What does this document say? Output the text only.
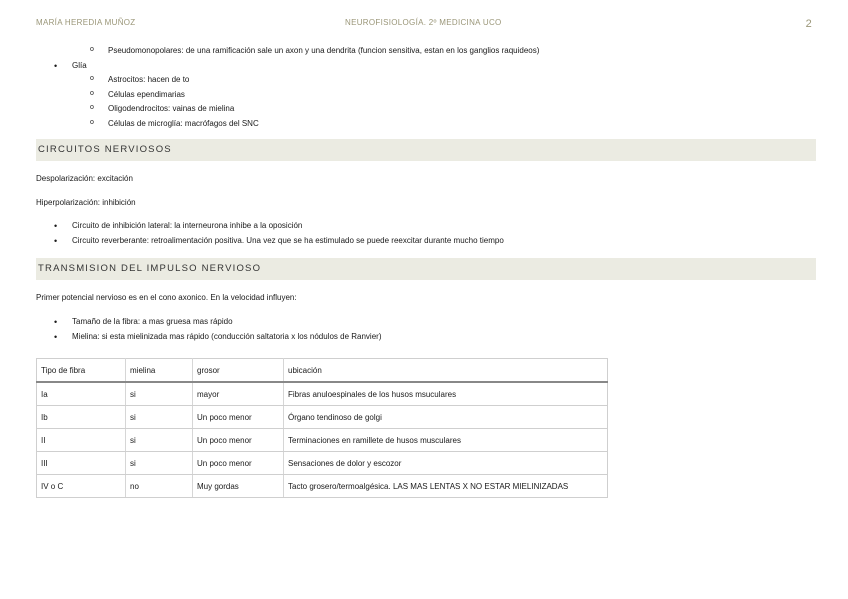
MARÍA HEREDIA MUÑOZ	NEUROFISIOLOGÍA. 2º MEDICINA UCO	2
o Pseudomonopolares: de una ramificación sale un axon y una dendrita (funcion sensitiva, estan en los ganglios raquideos)
• Glía
o Astrocitos: hacen de to
o Células ependimarias
o Oligodendrocitos: vainas de mielina
o Células de microglía: macrófagos del SNC
CIRCUITOS NERVIOSOS

Despolarización: excitación

Hiperpolarización: inhibición

• Circuito de inhibición lateral: la interneurona inhibe a la oposición
• Circuito reverberante: retroalimentación positiva. Una vez que se ha estimulado se puede reexcitar durante mucho tiempo
TRANSMISION DEL IMPULSO NERVIOSO

Primer potencial nervioso es en el cono axonico. En la velocidad influyen:

• Tamaño de la fibra: a mas gruesa mas rápido
• Mielina: si esta mielinizada mas rápido (conducción saltatoria x los nódulos de Ranvier)
Tipo de fibra	mielina	grosor	ubicación
Ia	si	mayor	Fibras anuloespinales de los husos msuculares
Ib	si	Un poco menor	Órgano tendinoso de golgi
II	si	Un poco menor	Terminaciones en ramillete de husos musculares
III	si	Un poco menor	Sensaciones de dolor y escozor
IV o C	no	Muy gordas	Tacto grosero/termoalgésica. LAS MAS LENTAS X NO ESTAR MIELINIZADAS
